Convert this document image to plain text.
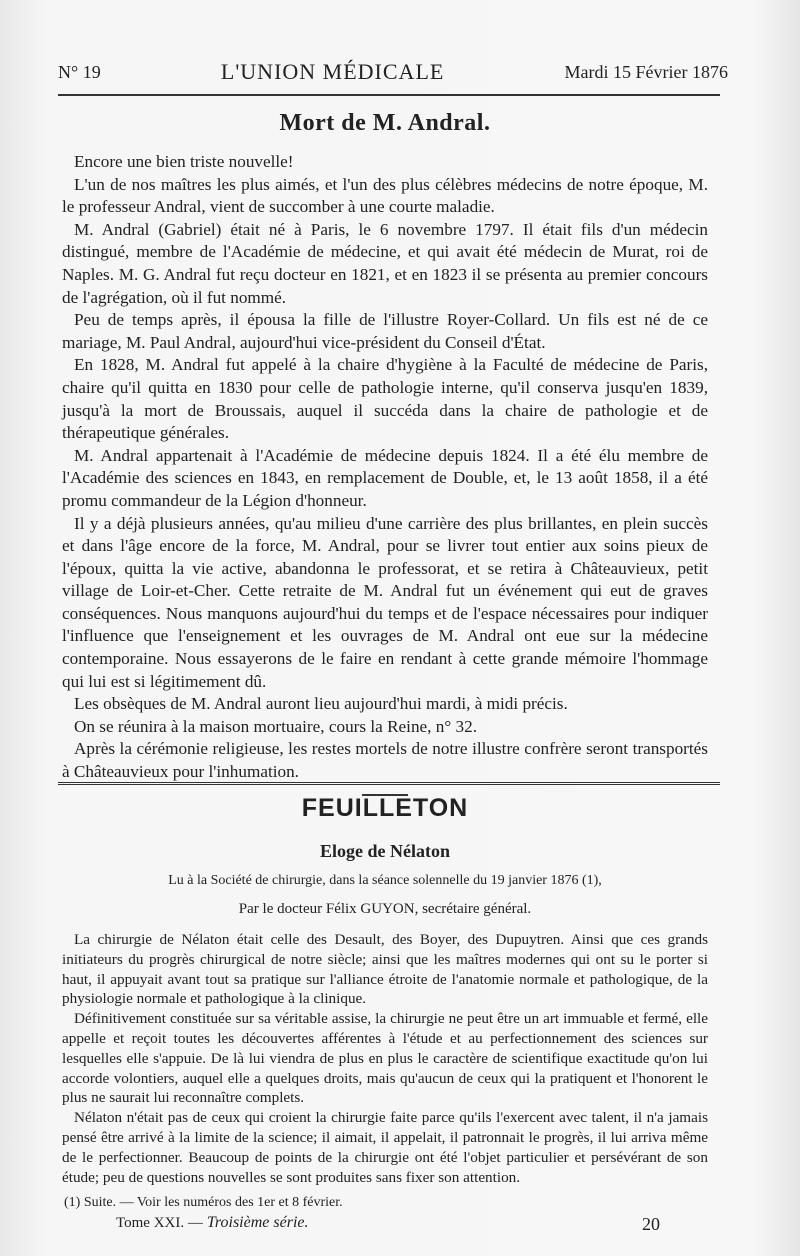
N° 19	L'UNION MÉDICALE	Mardi 15 Février 1876
Mort de M. Andral.

Encore une bien triste nouvelle!

L'un de nos maîtres les plus aimés, et l'un des plus célèbres médecins de notre époque, M. le professeur Andral, vient de succomber à une courte maladie.

M. Andral (Gabriel) était né à Paris, le 6 novembre 1797. Il était fils d'un médecin distingué, membre de l'Académie de médecine, et qui avait été médecin de Murat, roi de Naples. M. G. Andral fut reçu docteur en 1821, et en 1823 il se présenta au premier concours de l'agrégation, où il fut nommé.

Peu de temps après, il épousa la fille de l'illustre Royer-Collard. Un fils est né de ce mariage, M. Paul Andral, aujourd'hui vice-président du Conseil d'État.

En 1828, M. Andral fut appelé à la chaire d'hygiène à la Faculté de médecine de Paris, chaire qu'il quitta en 1830 pour celle de pathologie interne, qu'il conserva jusqu'en 1839, jusqu'à la mort de Broussais, auquel il succéda dans la chaire de pathologie et de thérapeutique générales.

M. Andral appartenait à l'Académie de médecine depuis 1824. Il a été élu membre de l'Académie des sciences en 1843, en remplacement de Double, et, le 13 août 1858, il a été promu commandeur de la Légion d'honneur.

Il y a déjà plusieurs années, qu'au milieu d'une carrière des plus brillantes, en plein succès et dans l'âge encore de la force, M. Andral, pour se livrer tout entier aux soins pieux de l'époux, quitta la vie active, abandonna le professorat, et se retira à Châteauvieux, petit village de Loir-et-Cher. Cette retraite de M. Andral fut un événement qui eut de graves conséquences. Nous manquons aujourd'hui du temps et de l'espace nécessaires pour indiquer l'influence que l'enseignement et les ouvrages de M. Andral ont eue sur la médecine contemporaine. Nous essayerons de le faire en rendant à cette grande mémoire l'hommage qui lui est si légitimement dû.

Les obsèques de M. Andral auront lieu aujourd'hui mardi, à midi précis.

On se réunira à la maison mortuaire, cours la Reine, n° 32.

Après la cérémonie religieuse, les restes mortels de notre illustre confrère seront transportés à Châteauvieux pour l'inhumation.

FEUILLETON
Eloge de Nélaton
Lu à la Société de chirurgie, dans la séance solennelle du 19 janvier 1876 (1),
Par le docteur Félix GUYON, secrétaire général.

La chirurgie de Nélaton était celle des Desault, des Boyer, des Dupuytren. Ainsi que ces grands initiateurs du progrès chirurgical de notre siècle; ainsi que les maîtres modernes qui ont su le porter si haut, il appuyait avant tout sa pratique sur l'alliance étroite de l'anatomie normale et pathologique, de la physiologie normale et pathologique à la clinique.

Définitivement constituée sur sa véritable assise, la chirurgie ne peut être un art immuable et fermé, elle appelle et reçoit toutes les découvertes afférentes à l'étude et au perfectionnement des sciences sur lesquelles elle s'appuie. De là lui viendra de plus en plus le caractère de scientifique exactitude qu'on lui accorde volontiers, auquel elle a quelques droits, mais qu'aucun de ceux qui la pratiquent et l'honorent le plus ne saurait lui reconnaître complets.

Nélaton n'était pas de ceux qui croient la chirurgie faite parce qu'ils l'exercent avec talent, il n'a jamais pensé être arrivé à la limite de la science; il aimait, il appelait, il patronnait le progrès, il lui arriva même de le perfectionner. Beaucoup de points de la chirurgie ont été l'objet particulier et persévérant de son étude; peu de questions nouvelles se sont produites sans fixer son attention.

(1) Suite. — Voir les numéros des 1er et 8 février.
Tome XXI. — Troisième série.	20
